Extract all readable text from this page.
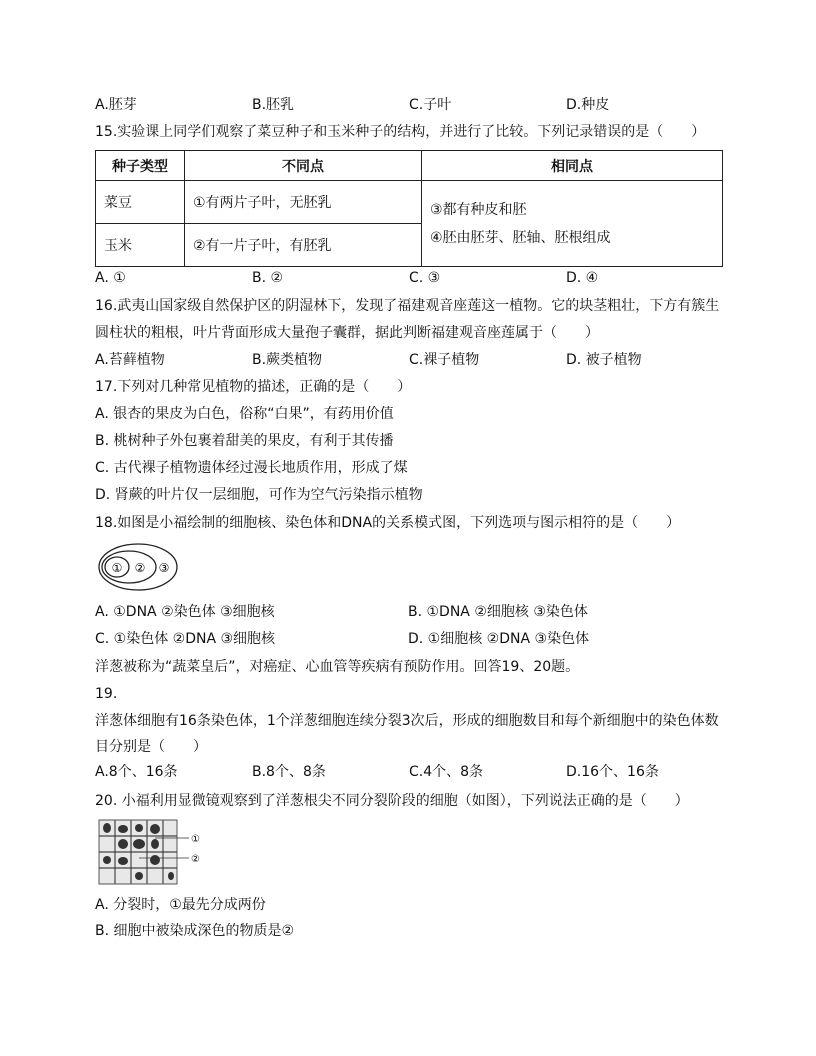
A.胚芽	B.胚乳	C.子叶	D.种皮
15.实验课上同学们观察了菜豆种子和玉米种子的结构，并进行了比较。下列记录错误的是（　　）
种子类型	不同点	相同点
菜豆	①有两片子叶，无胚乳	③都有种皮和胚
④胚由胚芽、胚轴、胚根组成

玉米	②有一片子叶，有胚乳	
A. ①	B. ②	C. ③	D. ④
16.武夷山国家级自然保护区的阴湿林下，发现了福建观音座莲这一植物。它的块茎粗壮，下方有簇生
圆柱状的粗根，叶片背面形成大量孢子囊群，据此判断福建观音座莲属于（　　）
A.苔藓植物	B.蕨类植物	C.裸子植物	D. 被子植物
17.下列对几种常见植物的描述，正确的是（　　）
A. 银杏的果皮为白色，俗称“白果”，有药用价值
B. 桃树种子外包裹着甜美的果皮，有利于其传播
C. 古代裸子植物遗体经过漫长地质作用，形成了煤
D. 肾蕨的叶片仅一层细胞，可作为空气污染指示植物
18.如图是小福绘制的细胞核、染色体和DNA的关系模式图，下列选项与图示相符的是（　　）
① ② ③
A. ①DNA ②染色体 ③细胞核	B. ①DNA ②细胞核 ③染色体
C. ①染色体 ②DNA ③细胞核	D. ①细胞核 ②DNA ③染色体
洋葱被称为“蔬菜皇后”，对癌症、心血管等疾病有预防作用。回答19、20题。
19.
洋葱体细胞有16条染色体，1个洋葱细胞连续分裂3次后，形成的细胞数目和每个新细胞中的染色体数
目分别是（　　）
A.8个、16条	B.8个、8条	C.4个、8条	D.16个、16条
20. 小福利用显微镜观察到了洋葱根尖不同分裂阶段的细胞（如图），下列说法正确的是（　　）
①
②
A. 分裂时，①最先分成两份
B. 细胞中被染成深色的物质是②
